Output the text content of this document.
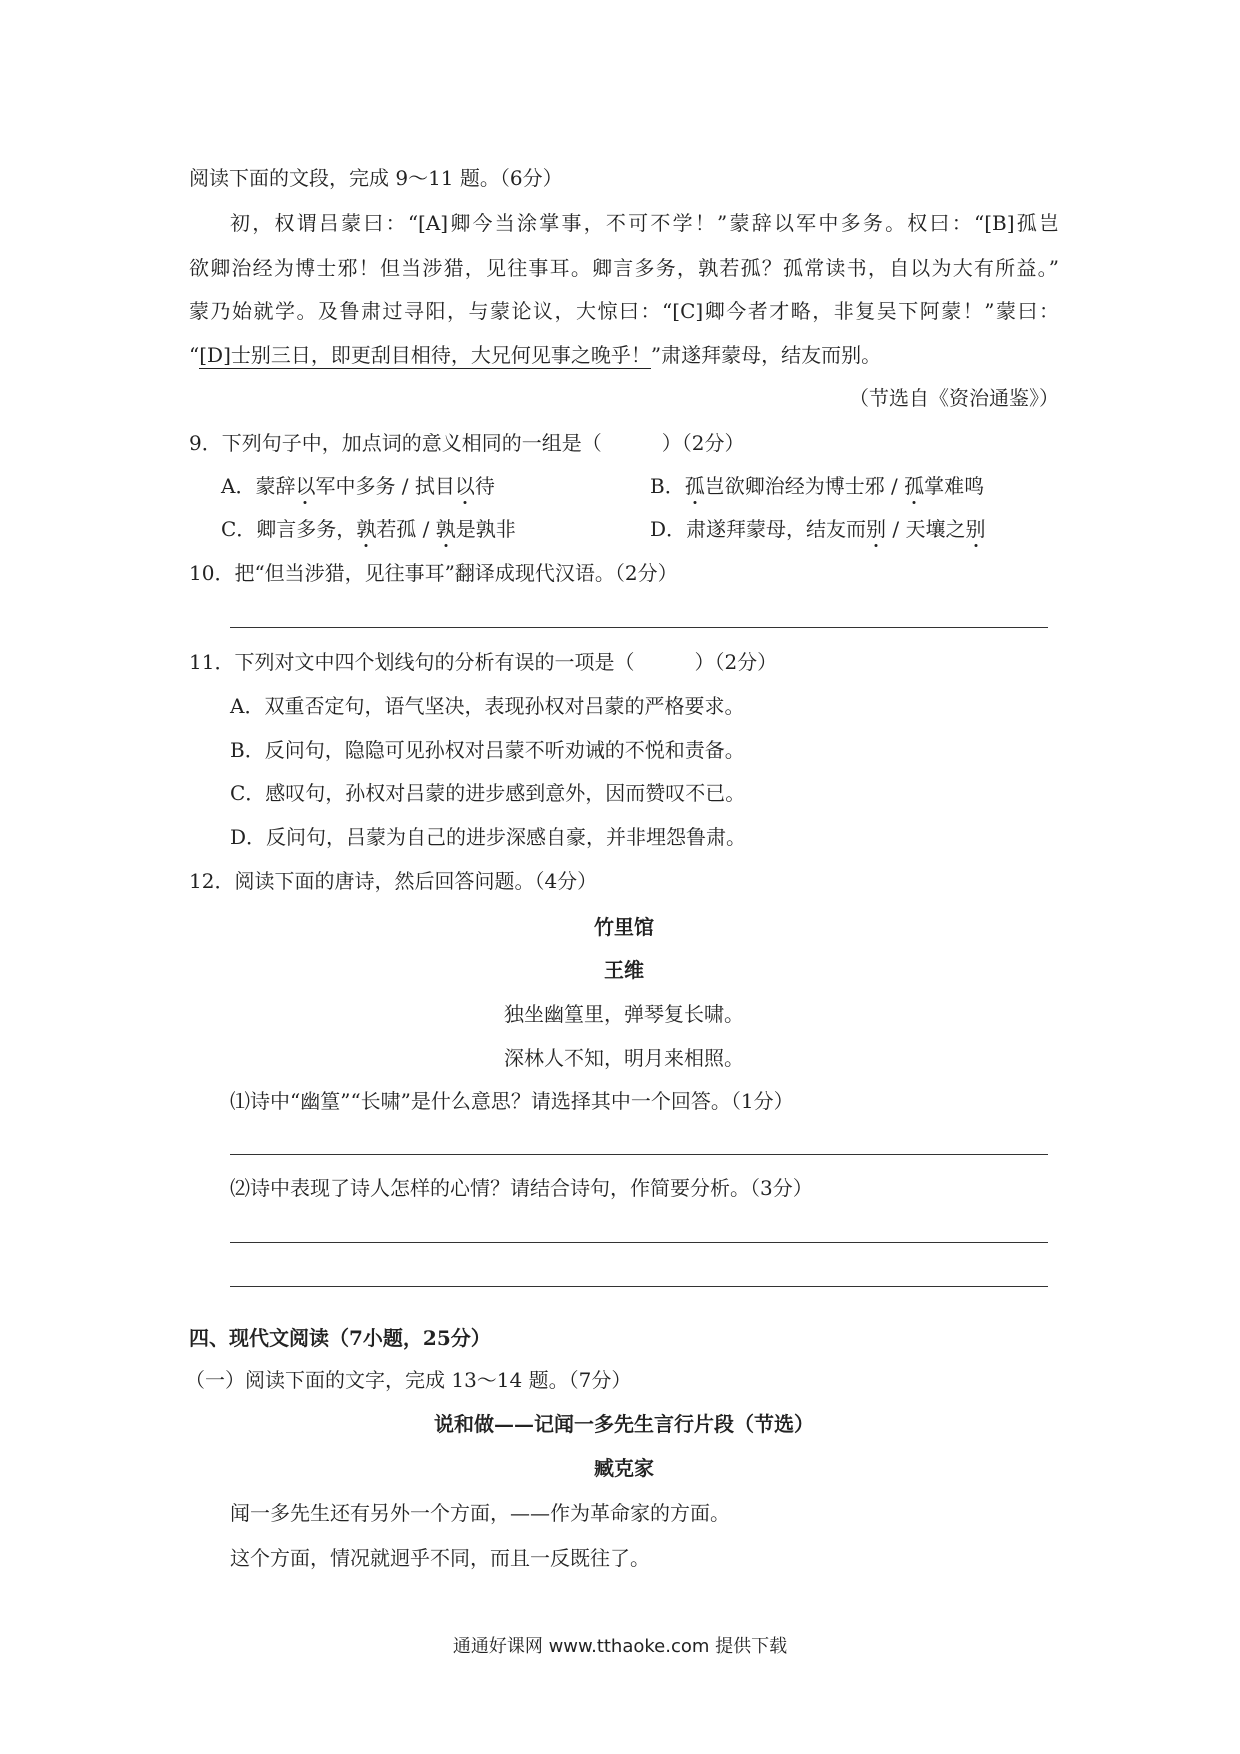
阅读下面的文段，完成 9～11 题。（6分）
初，权谓吕蒙曰：“[A]卿今当涂掌事，不可不学！”蒙辞以军中多务。权曰：“[B]孤岂
欲卿治经为博士邪！但当涉猎，见往事耳。卿言多务，孰若孤？孤常读书，自以为大有所益。”
蒙乃始就学。及鲁肃过寻阳，与蒙论议，大惊曰：“[C]卿今者才略，非复吴下阿蒙！”蒙曰：
“[D]士别三日，即更刮目相待，大兄何见事之晚乎！”肃遂拜蒙母，结友而别。
（节选自《资治通鉴》）
9．下列句子中，加点词的意义相同的一组是（　　　）（2分）
A．蒙辞以军中多务 / 拭目以待	B．孤岂欲卿治经为博士邪 / 孤掌难鸣
C．卿言多务，孰若孤 / 孰是孰非	D．肃遂拜蒙母，结友而别 / 天壤之别
10．把“但当涉猎，见往事耳”翻译成现代汉语。（2分）
11．下列对文中四个划线句的分析有误的一项是（　　　）（2分）
A．双重否定句，语气坚决，表现孙权对吕蒙的严格要求。
B．反问句，隐隐可见孙权对吕蒙不听劝诫的不悦和责备。
C．感叹句，孙权对吕蒙的进步感到意外，因而赞叹不已。
D．反问句，吕蒙为自己的进步深感自豪，并非埋怨鲁肃。
12．阅读下面的唐诗，然后回答问题。（4分）
竹里馆
王维
独坐幽篁里，弹琴复长啸。
深林人不知，明月来相照。
⑴诗中“幽篁”“长啸”是什么意思？请选择其中一个回答。（1分）
⑵诗中表现了诗人怎样的心情？请结合诗句，作简要分析。（3分）
四、现代文阅读（7小题，25分）
（一）阅读下面的文字，完成 13～14 题。（7分）
说和做——记闻一多先生言行片段（节选）
臧克家
闻一多先生还有另外一个方面，——作为革命家的方面。
这个方面，情况就迥乎不同，而且一反既往了。
通通好课网 www.tthaoke.com 提供下载
